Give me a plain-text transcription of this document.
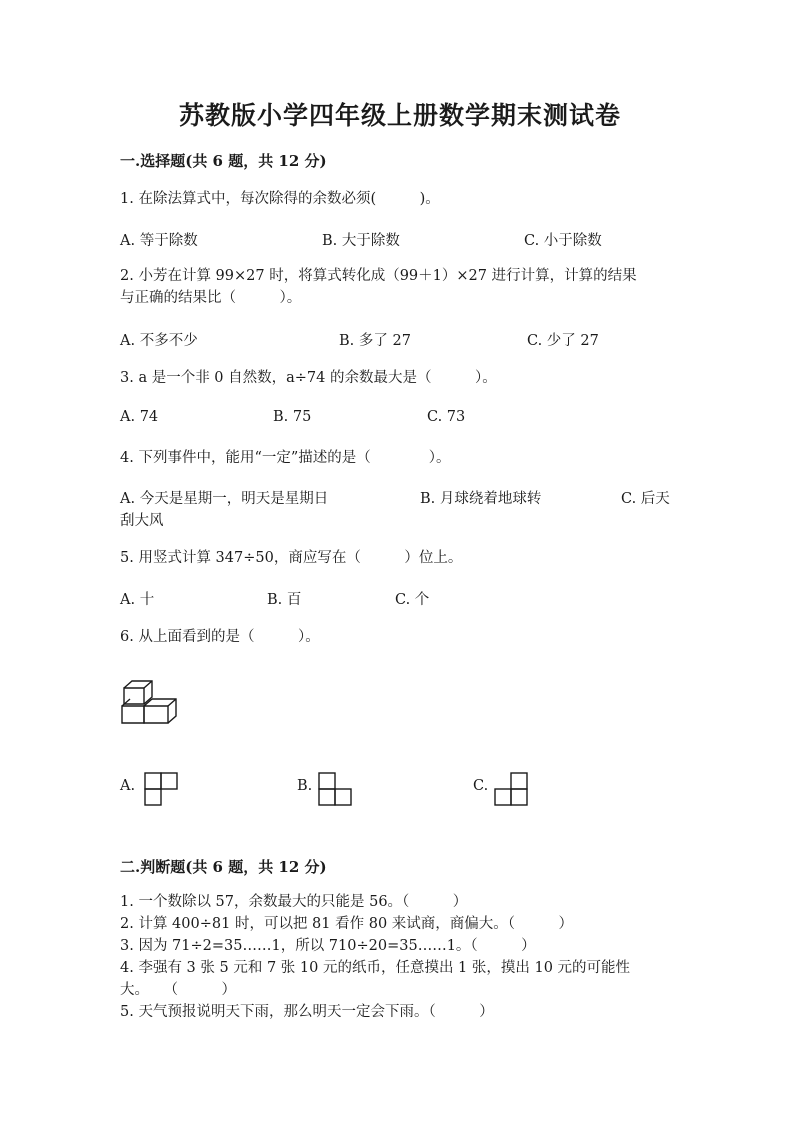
苏教版小学四年级上册数学期末测试卷
一.选择题(共 6 题，共 12 分)
1. 在除法算式中，每次除得的余数必须(　　　)。
A. 等于除数	B. 大于除数	C. 小于除数
2. 小芳在计算 99×27 时，将算式转化成（99＋1）×27 进行计算，计算的结果
与正确的结果比（　　　）。
A. 不多不少	B. 多了 27	C. 少了 27
3. a 是一个非 0 自然数，a÷74 的余数最大是（　　　）。
A. 74	B. 75	C. 73
4. 下列事件中，能用“一定”描述的是（　　　　）。
A. 今天是星期一，明天是星期日	B. 月球绕着地球转	C. 后天
刮大风
5. 用竖式计算 347÷50，商应写在（　　　）位上。
A. 十	B. 百	C. 个
6. 从上面看到的是（　　　）。
A.	B.	C.
二.判断题(共 6 题，共 12 分)
1. 一个数除以 57，余数最大的只能是 56。（　　　）
2. 计算 400÷81 时，可以把 81 看作 80 来试商，商偏大。（　　　）
3. 因为 71÷2=35……1，所以 710÷20=35……1。（　　　）
4. 李强有 3 张 5 元和 7 张 10 元的纸币，任意摸出 1 张，摸出 10 元的可能性
大。　　（　　　）
5. 天气预报说明天下雨，那么明天一定会下雨。（　　　）
